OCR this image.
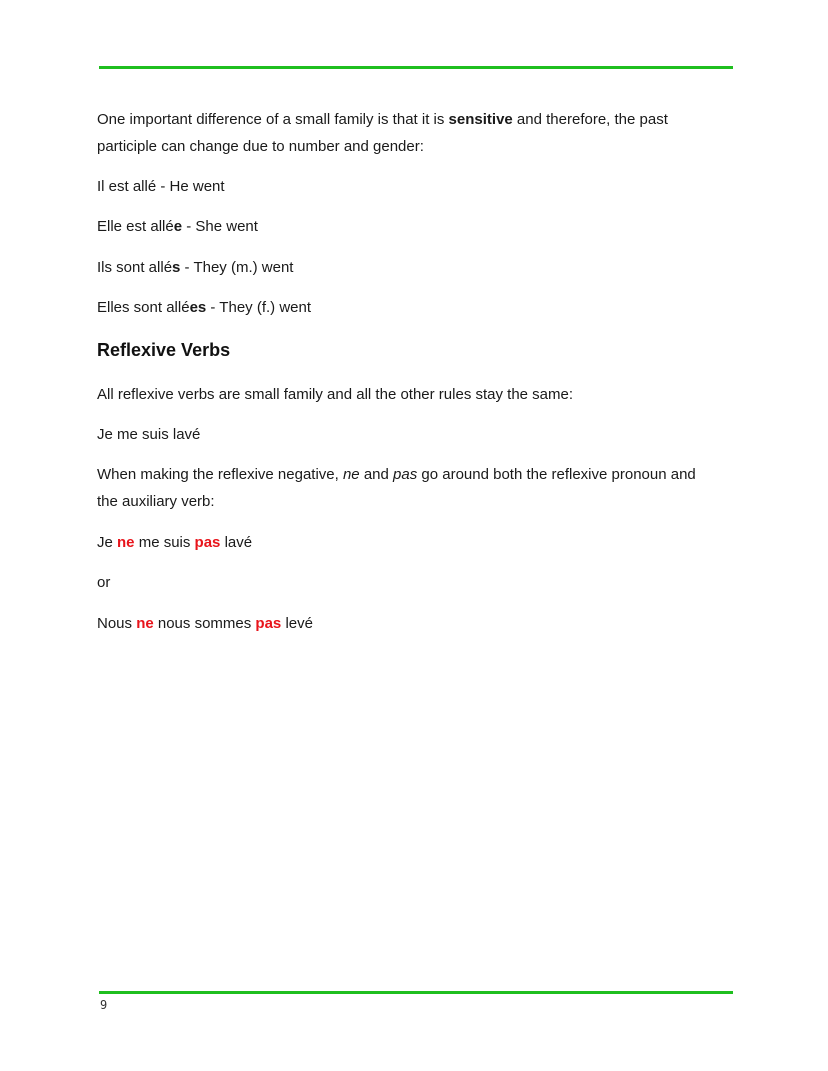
One important difference of a small family is that it is sensitive and therefore, the past
participle can change due to number and gender:
Il est allé - He went
Elle est allée - She went
Ils sont allés - They (m.) went
Elles sont allées - They (f.) went
Reflexive Verbs
All reflexive verbs are small family and all the other rules stay the same:
Je me suis lavé
When making the reflexive negative, ne and pas go around both the reflexive pronoun and
the auxiliary verb:
Je ne me suis pas lavé
or
Nous ne nous sommes pas levé
9
